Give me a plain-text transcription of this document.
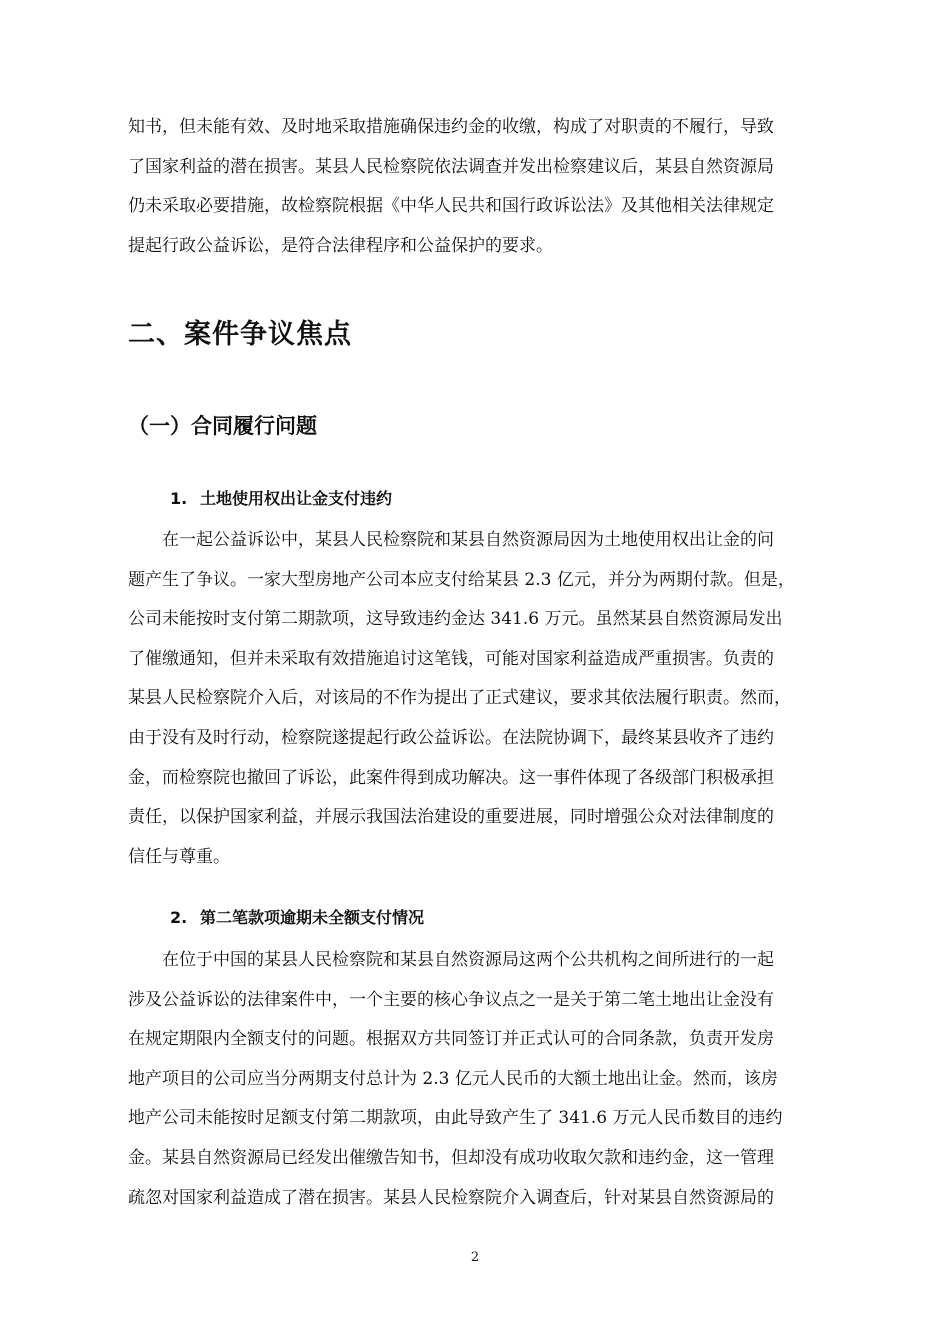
知书，但未能有效、及时地采取措施确保违约金的收缴，构成了对职责的不履行，导致
了国家利益的潜在损害。某县人民检察院依法调查并发出检察建议后，某县自然资源局
仍未采取必要措施，故检察院根据《中华人民共和国行政诉讼法》及其他相关法律规定
提起行政公益诉讼，是符合法律程序和公益保护的要求。
二、案件争议焦点
（一）合同履行问题
1. 土地使用权出让金支付违约
　　在一起公益诉讼中，某县人民检察院和某县自然资源局因为土地使用权出让金的问
题产生了争议。一家大型房地产公司本应支付给某县 2.3 亿元，并分为两期付款。但是，
公司未能按时支付第二期款项，这导致违约金达 341.6 万元。虽然某县自然资源局发出
了催缴通知，但并未采取有效措施追讨这笔钱，可能对国家利益造成严重损害。负责的
某县人民检察院介入后，对该局的不作为提出了正式建议，要求其依法履行职责。然而，
由于没有及时行动，检察院遂提起行政公益诉讼。在法院协调下，最终某县收齐了违约
金，而检察院也撤回了诉讼，此案件得到成功解决。这一事件体现了各级部门积极承担
责任，以保护国家利益，并展示我国法治建设的重要进展，同时增强公众对法律制度的
信任与尊重。
2. 第二笔款项逾期未全额支付情况
　　在位于中国的某县人民检察院和某县自然资源局这两个公共机构之间所进行的一起
涉及公益诉讼的法律案件中，一个主要的核心争议点之一是关于第二笔土地出让金没有
在规定期限内全额支付的问题。根据双方共同签订并正式认可的合同条款，负责开发房
地产项目的公司应当分两期支付总计为 2.3 亿元人民币的大额土地出让金。然而，该房
地产公司未能按时足额支付第二期款项，由此导致产生了 341.6 万元人民币数目的违约
金。某县自然资源局已经发出催缴告知书，但却没有成功收取欠款和违约金，这一管理
疏忽对国家利益造成了潜在损害。某县人民检察院介入调查后，针对某县自然资源局的
2
